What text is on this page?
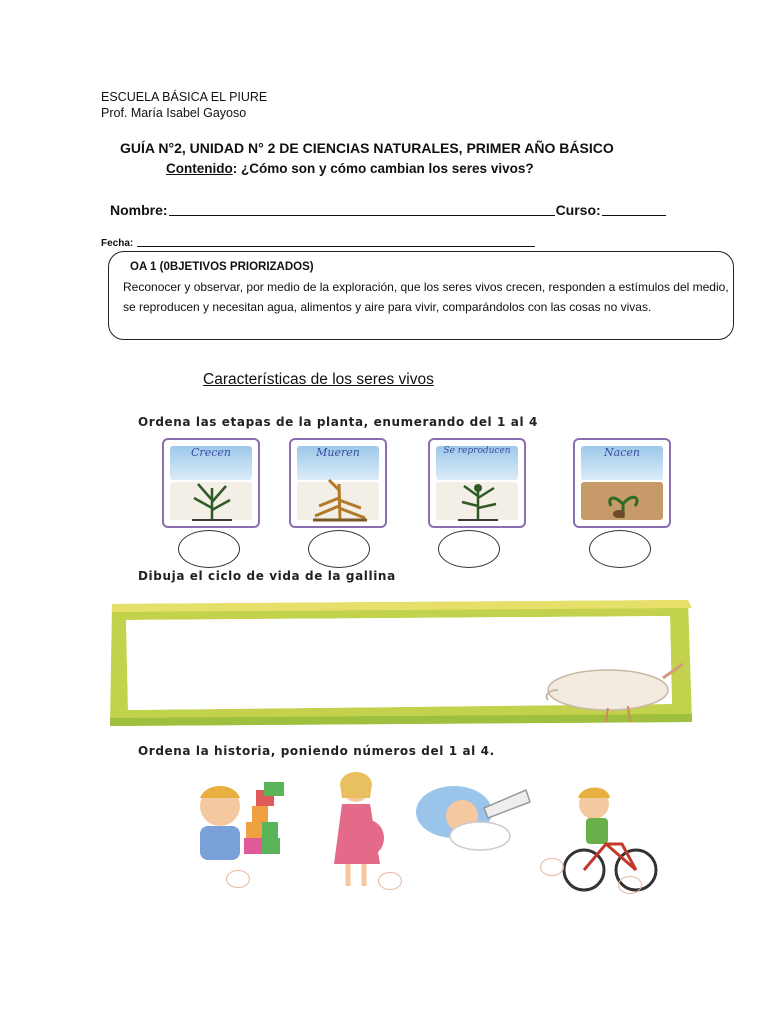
ESCUELA BÁSICA EL PIURE
Prof. María Isabel Gayoso
GUÍA N°2, UNIDAD N° 2 DE CIENCIAS NATURALES, PRIMER AÑO BÁSICO
Contenido: ¿Cómo son y cómo cambian los seres vivos?
Nombre:	Curso:
Fecha:
OA 1 (0BJETIVOS PRIORIZADOS)
Reconocer y observar, por medio de la exploración, que los seres vivos crecen, responden a estímulos del medio, se reproducen y necesitan agua, alimentos y aire para vivir, comparándolos con las cosas no vivas.
Características de los seres vivos
Ordena las etapas de la planta, enumerando del 1 al 4
Crecen	Mueren	Se reproducen	Nacen
Dibuja el ciclo de vida de la gallina
Ordena la historia, poniendo números del 1 al 4.
